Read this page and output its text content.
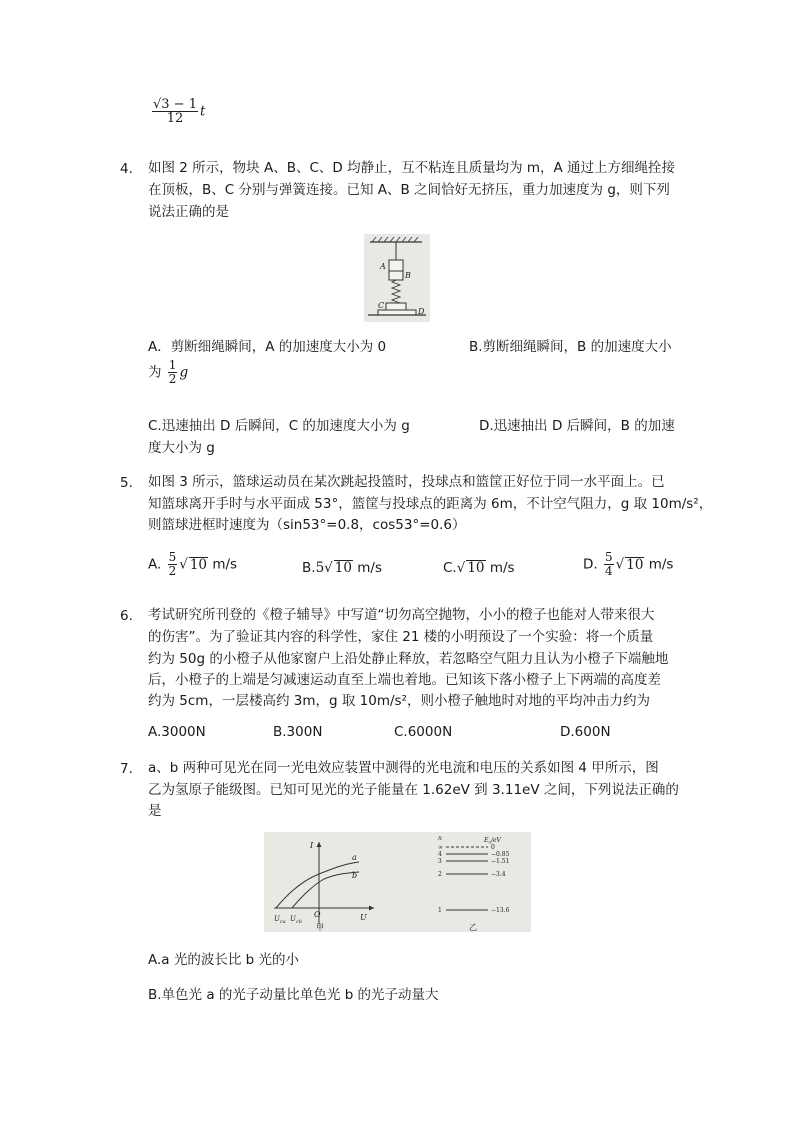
$\frac{√3 - 1}{12}$ t
4. 如图 2 所示，物块 A、B、C、D 均静止，互不粘连且质量均为 m，A 通过上方细绳拴接
在顶板，B、C 分别与弹簧连接。已知 A、B 之间恰好无挤压，重力加速度为 g，则下列
说法正确的是
A
B
C
D
A．剪断细绳瞬间，A 的加速度大小为 0	B.剪断细绳瞬间，B 的加速度大小
为 $\frac{1}{2}$ g
C.迅速抽出 D 后瞬间，C 的加速度大小为 g	D.迅速抽出 D 后瞬间，B 的加速
度大小为 g
5. 如图 3 所示，篮球运动员在某次跳起投篮时，投球点和篮筐正好位于同一水平面上。已
知篮球离开手时与水平面成 53°，篮筐与投球点的距离为 6m，不计空气阻力，g 取 10m/s²，
则篮球进框时速度为（sin53°=0.8，cos53°=0.6）
A. $\frac{5}{2}$ √ 10 m/s	B.5√ 10 m/s	C.√ 10 m/s	D. $\frac{5}{4}$ √ 10 m/s
6. 考试研究所刊登的《橙子辅导》中写道“切勿高空抛物，小小的橙子也能对人带来很大
的伤害”。为了验证其内容的科学性，家住 21 楼的小明预设了一个实验：将一个质量
约为 50g 的小橙子从他家窗户上沿处静止释放，若忽略空气阻力且认为小橙子下端触地
后，小橙子的上端是匀减速运动直至上端也着地。已知该下落小橙子上下两端的高度差
约为 5cm，一层楼高约 3m，g 取 10m/s²，则小橙子触地时对地的平均冲击力约为
A.3000N	B.300N	C.6000N	D.600N
7. a、b 两种可见光在同一光电效应装置中测得的光电流和电压的关系如图 4 甲所示，图
乙为氢原子能级图。已知可见光的光子能量在 1.62eV 到 3.11eV 之间，下列说法正确的
是
I
U
O
a
b
$U_{ca}$ $U_{cb}$
甲
n	$E_n/eV$
∞	0
4	−0.85
3	−1.51
2	−3.4
1	−13.6
乙
A.a 光的波长比 b 光的小
B.单色光 a 的光子动量比单色光 b 的光子动量大
